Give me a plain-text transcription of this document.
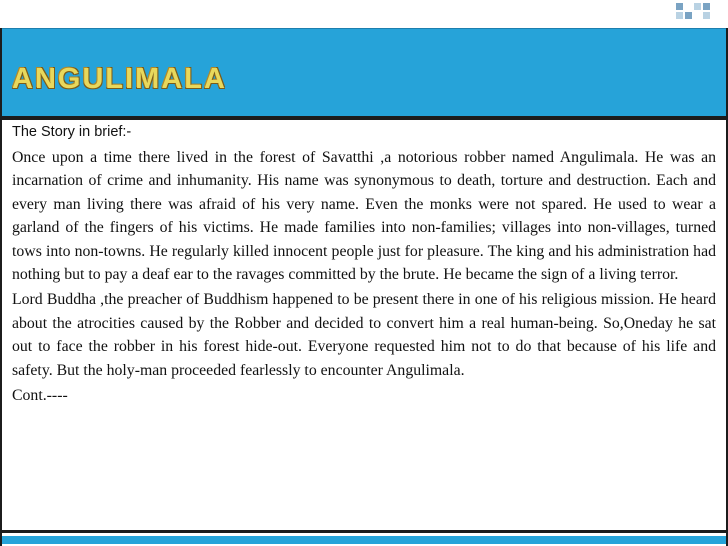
ANGULIMALA

The Story in brief:-

Once upon a time there lived in the forest of Savatthi ,a notorious robber named Angulimala. He was an incarnation of crime and inhumanity. His name was synonymous to death, torture and destruction. Each and every man living there was afraid of his very name. Even the monks were not spared. He used to wear a garland of the fingers of his victims. He made families into non-families; villages into non-villages, turned tows into non-towns. He regularly killed innocent people just for pleasure. The king and his administration had nothing but to pay a deaf ear to the ravages committed by the brute. He became the sign of a living terror.

Lord Buddha ,the preacher of Buddhism happened to be present there in one of his religious mission. He heard about the atrocities caused by the Robber and decided to convert him a real human-being. So,Oneday he sat out to face the robber in his forest hide-out. Everyone requested him not to do that because of his life and safety. But the holy-man proceeded fearlessly to encounter Angulimala.

Cont.----
